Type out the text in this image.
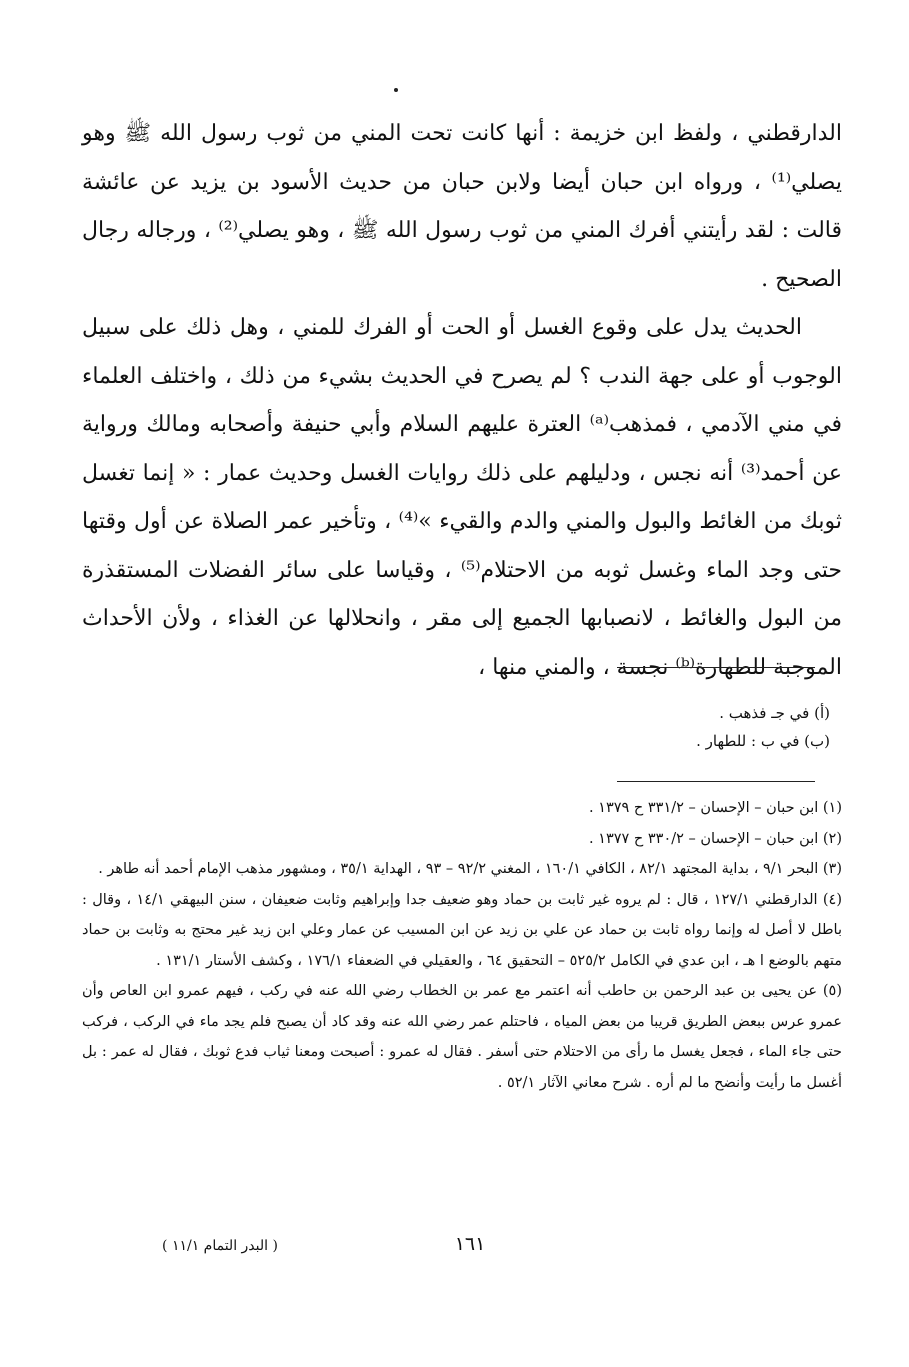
الدارقطني ، ولفظ ابن خزيمة : أنها كانت تحت المني من ثوب رسول الله ﷺ وهو يصلي⁽¹⁾ ، ورواه ابن حبان أيضا ولابن حبان من حديث الأسود بن يزيد عن عائشة قالت : لقد رأيتني أفرك المني من ثوب رسول الله ﷺ ، وهو يصلي⁽²⁾ ، ورجاله رجال الصحيح .

الحديث يدل على وقوع الغسل أو الحت أو الفرك للمني ، وهل ذلك على سبيل الوجوب أو على جهة الندب ؟ لم يصرح في الحديث بشيء من ذلك ، واختلف العلماء في مني الآدمي ، فمذهب⁽ᵃ⁾ العترة عليهم السلام وأبي حنيفة وأصحابه ومالك ورواية عن أحمد⁽³⁾ أنه نجس ، ودليلهم على ذلك روايات الغسل وحديث عمار : « إنما تغسل ثوبك من الغائط والبول والمني والدم والقيء »⁽⁴⁾ ، وتأخير عمر الصلاة عن أول وقتها حتى وجد الماء وغسل ثوبه من الاحتلام⁽⁵⁾ ، وقياسا على سائر الفضلات المستقذرة من البول والغائط ، لانصبابها الجميع إلى مقر ، وانحلالها عن الغذاء ، ولأن الأحداث الموجبة للطهارة⁽ᵇ⁾ نجسة ، والمني منها ،

(أ) في جـ فذهب .
(ب) في ب : للطهار .
(١) ابن حبان – الإحسان – ٣٣١/٢ ح ١٣٧٩ .
(٢) ابن حبان – الإحسان – ٣٣٠/٢ ح ١٣٧٧ .
(٣) البحر ٩/١ ، بداية المجتهد ٨٢/١ ، الكافي ١٦٠/١ ، المغني ٩٢/٢ – ٩٣ ، الهداية ٣٥/١ ، ومشهور مذهب الإمام أحمد أنه طاهر .
(٤) الدارقطني ١٢٧/١ ، قال : لم يروه غير ثابت بن حماد وهو ضعيف جدا وإبراهيم وثابت ضعيفان ، سنن البيهقي ١٤/١ ، وقال : باطل لا أصل له وإنما رواه ثابت بن حماد عن علي بن زيد عن ابن المسيب عن عمار وعلي ابن زيد غير محتج به وثابت بن حماد متهم بالوضع ا هـ ، ابن عدي في الكامل ٥٢٥/٢ – التحقيق ٦٤ ، والعقيلي في الضعفاء ١٧٦/١ ، وكشف الأستار ١٣١/١ .
(٥) عن يحيى بن عبد الرحمن بن حاطب أنه اعتمر مع عمر بن الخطاب رضي الله عنه في ركب ، فيهم عمرو ابن العاص وأن عمرو عرس ببعض الطريق قريبا من بعض المياه ، فاحتلم عمر رضي الله عنه وقد كاد أن يصبح فلم يجد ماء في الركب ، فركب حتى جاء الماء ، فجعل يغسل ما رأى من الاحتلام حتى أسفر . فقال له عمرو : أصبحت ومعنا ثياب فدع ثوبك ، فقال له عمر : بل أغسل ما رأيت وأنضح ما لم أره . شرح معاني الآثار ٥٢/١ .
١٦١
( البدر التمام ١١/١ )
